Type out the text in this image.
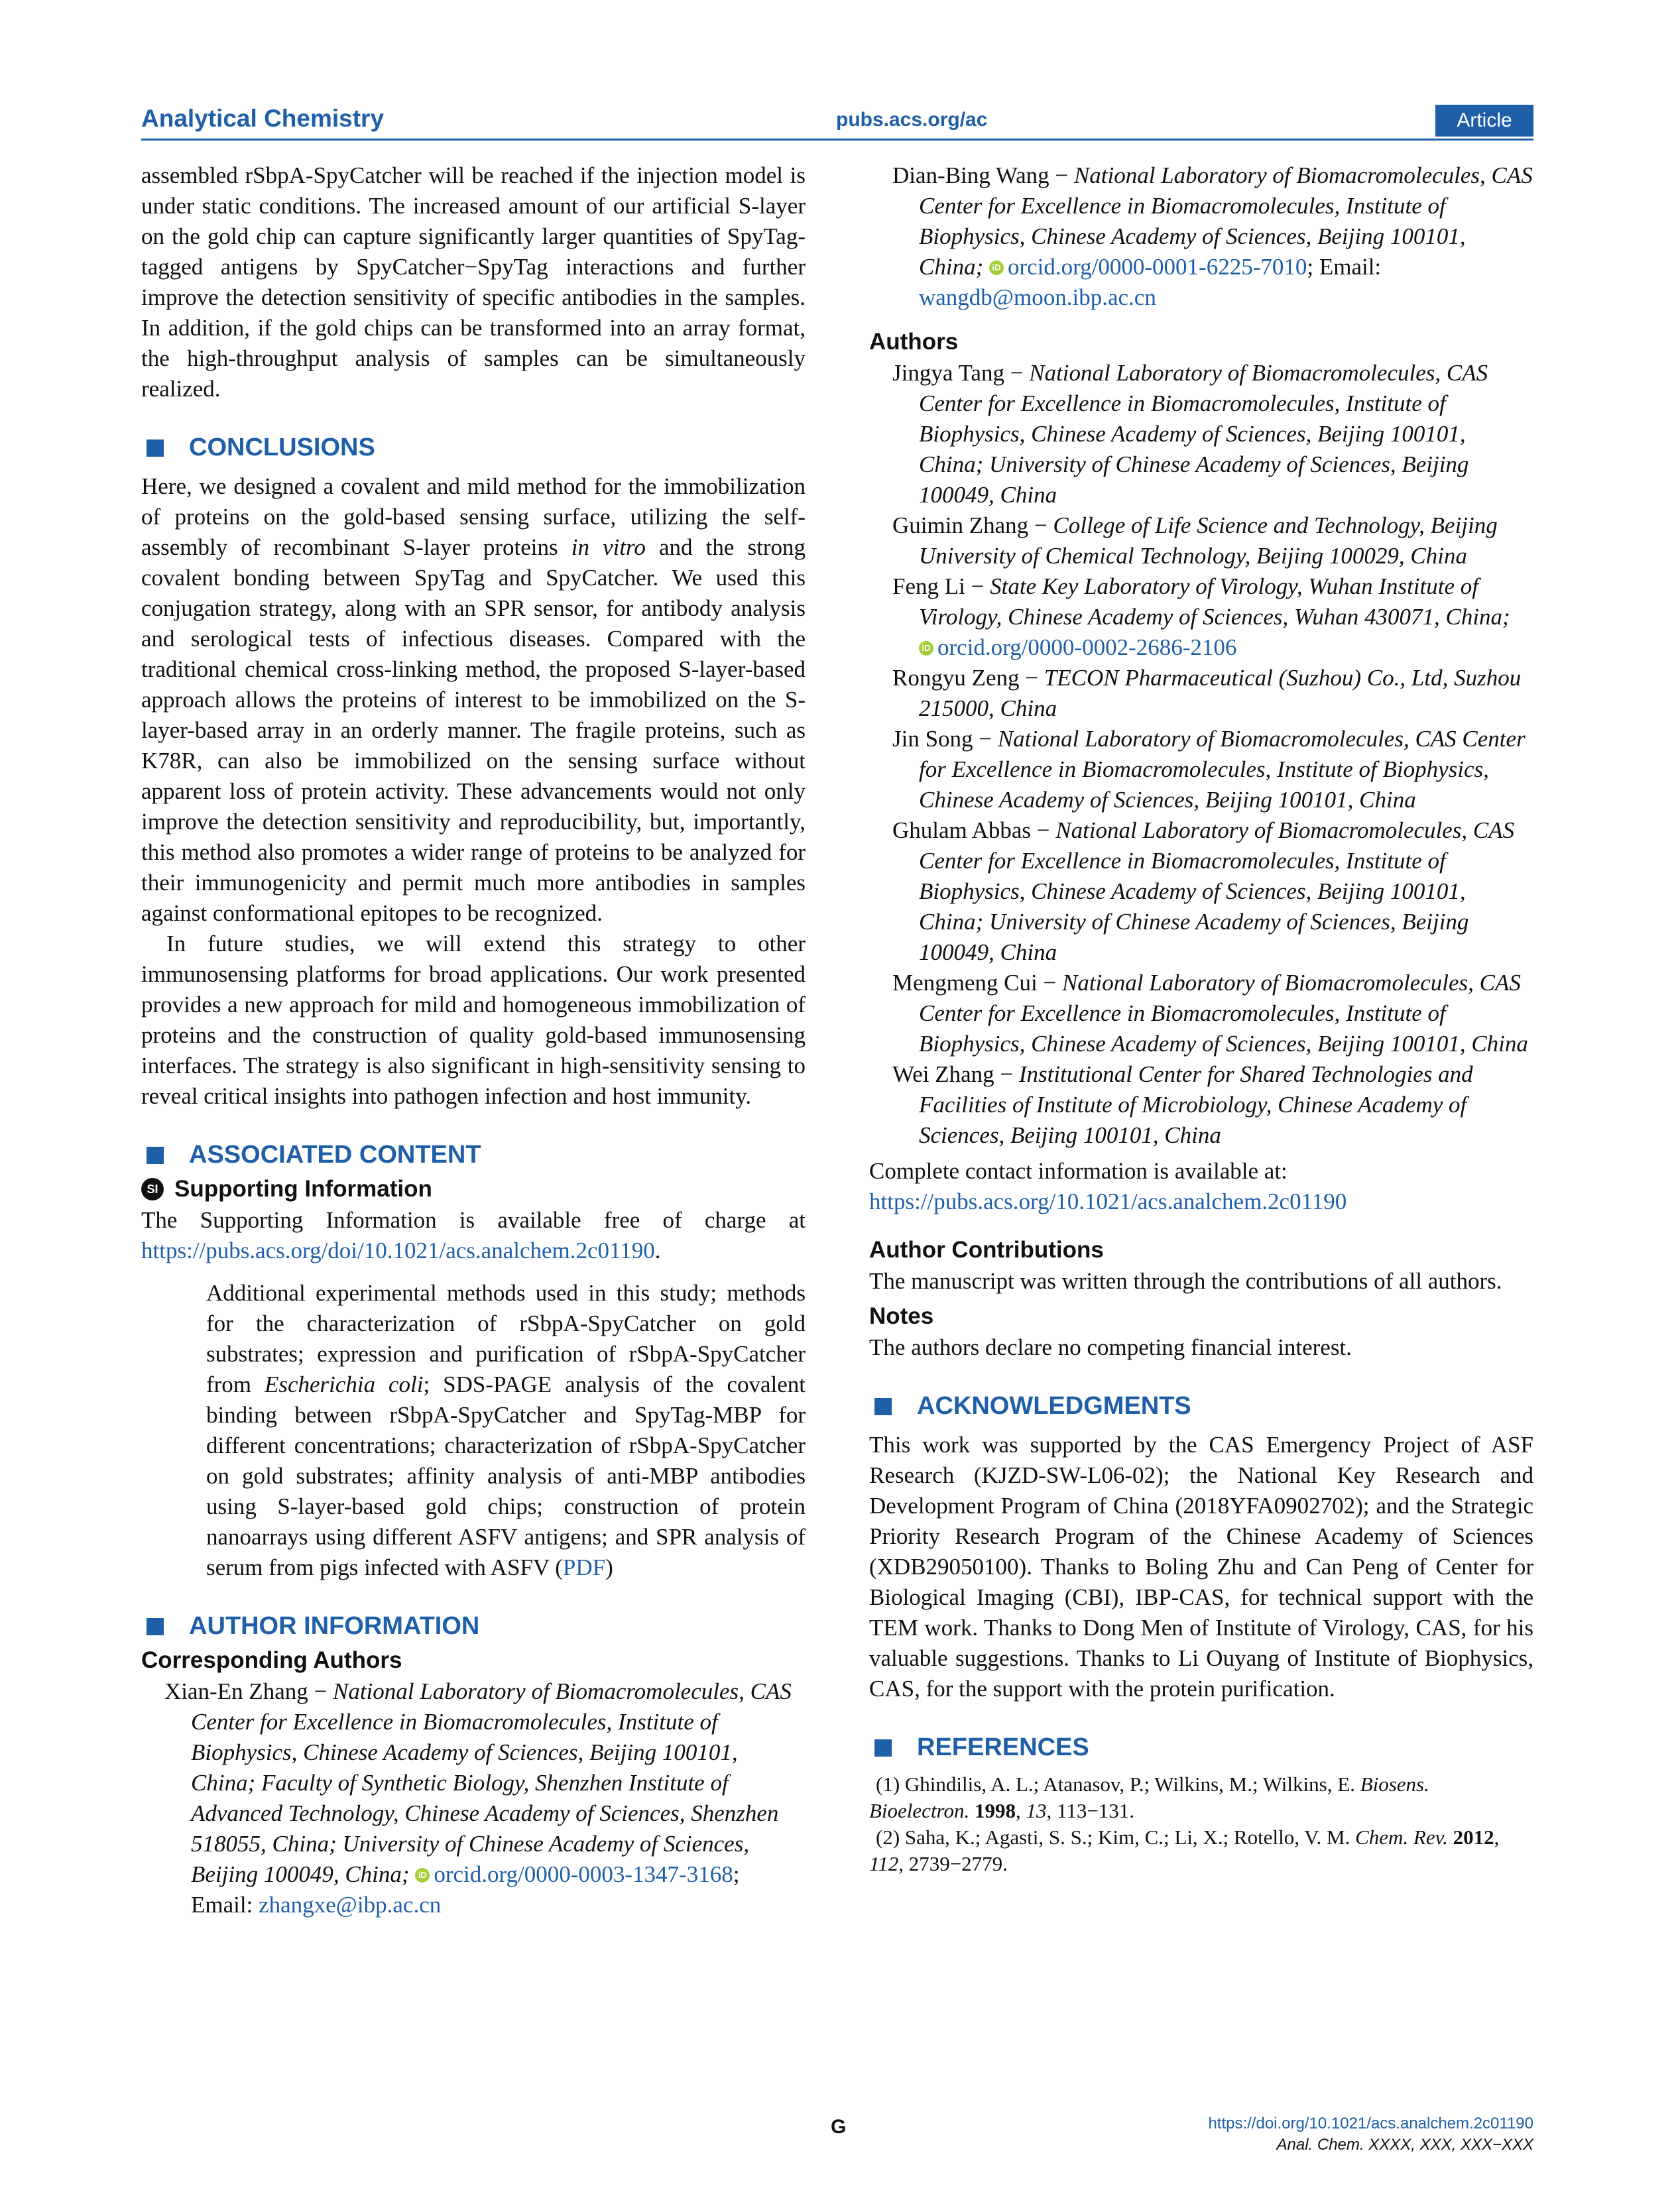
Analytical Chemistry	pubs.acs.org/ac	Article

assembled rSbpA-SpyCatcher will be reached if the injection model is under static conditions. The increased amount of our artificial S-layer on the gold chip can capture significantly larger quantities of SpyTag-tagged antigens by SpyCatcher−SpyTag interactions and further improve the detection sensitivity of specific antibodies in the samples. In addition, if the gold chips can be transformed into an array format, the high-throughput analysis of samples can be simultaneously realized.

CONCLUSIONS

Here, we designed a covalent and mild method for the immobilization of proteins on the gold-based sensing surface, utilizing the self-assembly of recombinant S-layer proteins in vitro and the strong covalent bonding between SpyTag and SpyCatcher. We used this conjugation strategy, along with an SPR sensor, for antibody analysis and serological tests of infectious diseases. Compared with the traditional chemical cross-linking method, the proposed S-layer-based approach allows the proteins of interest to be immobilized on the S-layer-based array in an orderly manner. The fragile proteins, such as K78R, can also be immobilized on the sensing surface without apparent loss of protein activity. These advancements would not only improve the detection sensitivity and reproducibility, but, importantly, this method also promotes a wider range of proteins to be analyzed for their immunogenicity and permit much more antibodies in samples against conformational epitopes to be recognized.

In future studies, we will extend this strategy to other immunosensing platforms for broad applications. Our work presented provides a new approach for mild and homogeneous immobilization of proteins and the construction of quality gold-based immunosensing interfaces. The strategy is also significant in high-sensitivity sensing to reveal critical insights into pathogen infection and host immunity.

ASSOCIATED CONTENT
SI Supporting Information

The Supporting Information is available free of charge at https://pubs.acs.org/doi/10.1021/acs.analchem.2c01190.

Additional experimental methods used in this study; methods for the characterization of rSbpA-SpyCatcher on gold substrates; expression and purification of rSbpA-SpyCatcher from Escherichia coli; SDS-PAGE analysis of the covalent binding between rSbpA-SpyCatcher and SpyTag-MBP for different concentrations; characterization of rSbpA-SpyCatcher on gold substrates; affinity analysis of anti-MBP antibodies using S-layer-based gold chips; construction of protein nanoarrays using different ASFV antigens; and SPR analysis of serum from pigs infected with ASFV (PDF)

AUTHOR INFORMATION
Corresponding Authors
Xian-En Zhang − National Laboratory of Biomacromolecules, CAS Center for Excellence in Biomacromolecules, Institute of Biophysics, Chinese Academy of Sciences, Beijing 100101, China; Faculty of Synthetic Biology, Shenzhen Institute of Advanced Technology, Chinese Academy of Sciences, Shenzhen 518055, China; University of Chinese Academy of Sciences, Beijing 100049, China; iD orcid.org/0000-0003-1347-3168; Email: zhangxe@ibp.ac.cn
Dian-Bing Wang − National Laboratory of Biomacromolecules, CAS Center for Excellence in Biomacromolecules, Institute of Biophysics, Chinese Academy of Sciences, Beijing 100101, China; iD orcid.org/0000-0001-6225-7010; Email: wangdb@moon.ibp.ac.cn
Authors
Jingya Tang − National Laboratory of Biomacromolecules, CAS Center for Excellence in Biomacromolecules, Institute of Biophysics, Chinese Academy of Sciences, Beijing 100101, China; University of Chinese Academy of Sciences, Beijing 100049, China
Guimin Zhang − College of Life Science and Technology, Beijing University of Chemical Technology, Beijing 100029, China
Feng Li − State Key Laboratory of Virology, Wuhan Institute of Virology, Chinese Academy of Sciences, Wuhan 430071, China; iD orcid.org/0000-0002-2686-2106
Rongyu Zeng − TECON Pharmaceutical (Suzhou) Co., Ltd, Suzhou 215000, China
Jin Song − National Laboratory of Biomacromolecules, CAS Center for Excellence in Biomacromolecules, Institute of Biophysics, Chinese Academy of Sciences, Beijing 100101, China
Ghulam Abbas − National Laboratory of Biomacromolecules, CAS Center for Excellence in Biomacromolecules, Institute of Biophysics, Chinese Academy of Sciences, Beijing 100101, China; University of Chinese Academy of Sciences, Beijing 100049, China
Mengmeng Cui − National Laboratory of Biomacromolecules, CAS Center for Excellence in Biomacromolecules, Institute of Biophysics, Chinese Academy of Sciences, Beijing 100101, China
Wei Zhang − Institutional Center for Shared Technologies and Facilities of Institute of Microbiology, Chinese Academy of Sciences, Beijing 100101, China

Complete contact information is available at:

https://pubs.acs.org/10.1021/acs.analchem.2c01190

Author Contributions

The manuscript was written through the contributions of all authors.

Notes

The authors declare no competing financial interest.

ACKNOWLEDGMENTS

This work was supported by the CAS Emergency Project of ASF Research (KJZD-SW-L06-02); the National Key Research and Development Program of China (2018YFA0902702); and the Strategic Priority Research Program of the Chinese Academy of Sciences (XDB29050100). Thanks to Boling Zhu and Can Peng of Center for Biological Imaging (CBI), IBP-CAS, for technical support with the TEM work. Thanks to Dong Men of Institute of Virology, CAS, for his valuable suggestions. Thanks to Li Ouyang of Institute of Biophysics, CAS, for the support with the protein purification.

REFERENCES

(1) Ghindilis, A. L.; Atanasov, P.; Wilkins, M.; Wilkins, E. Biosens. Bioelectron. 1998, 13, 113−131.

(2) Saha, K.; Agasti, S. S.; Kim, C.; Li, X.; Rotello, V. M. Chem. Rev. 2012, 112, 2739−2779.

G	https://doi.org/10.1021/acs.analchem.2c01190
Anal. Chem. XXXX, XXX, XXX−XXX
